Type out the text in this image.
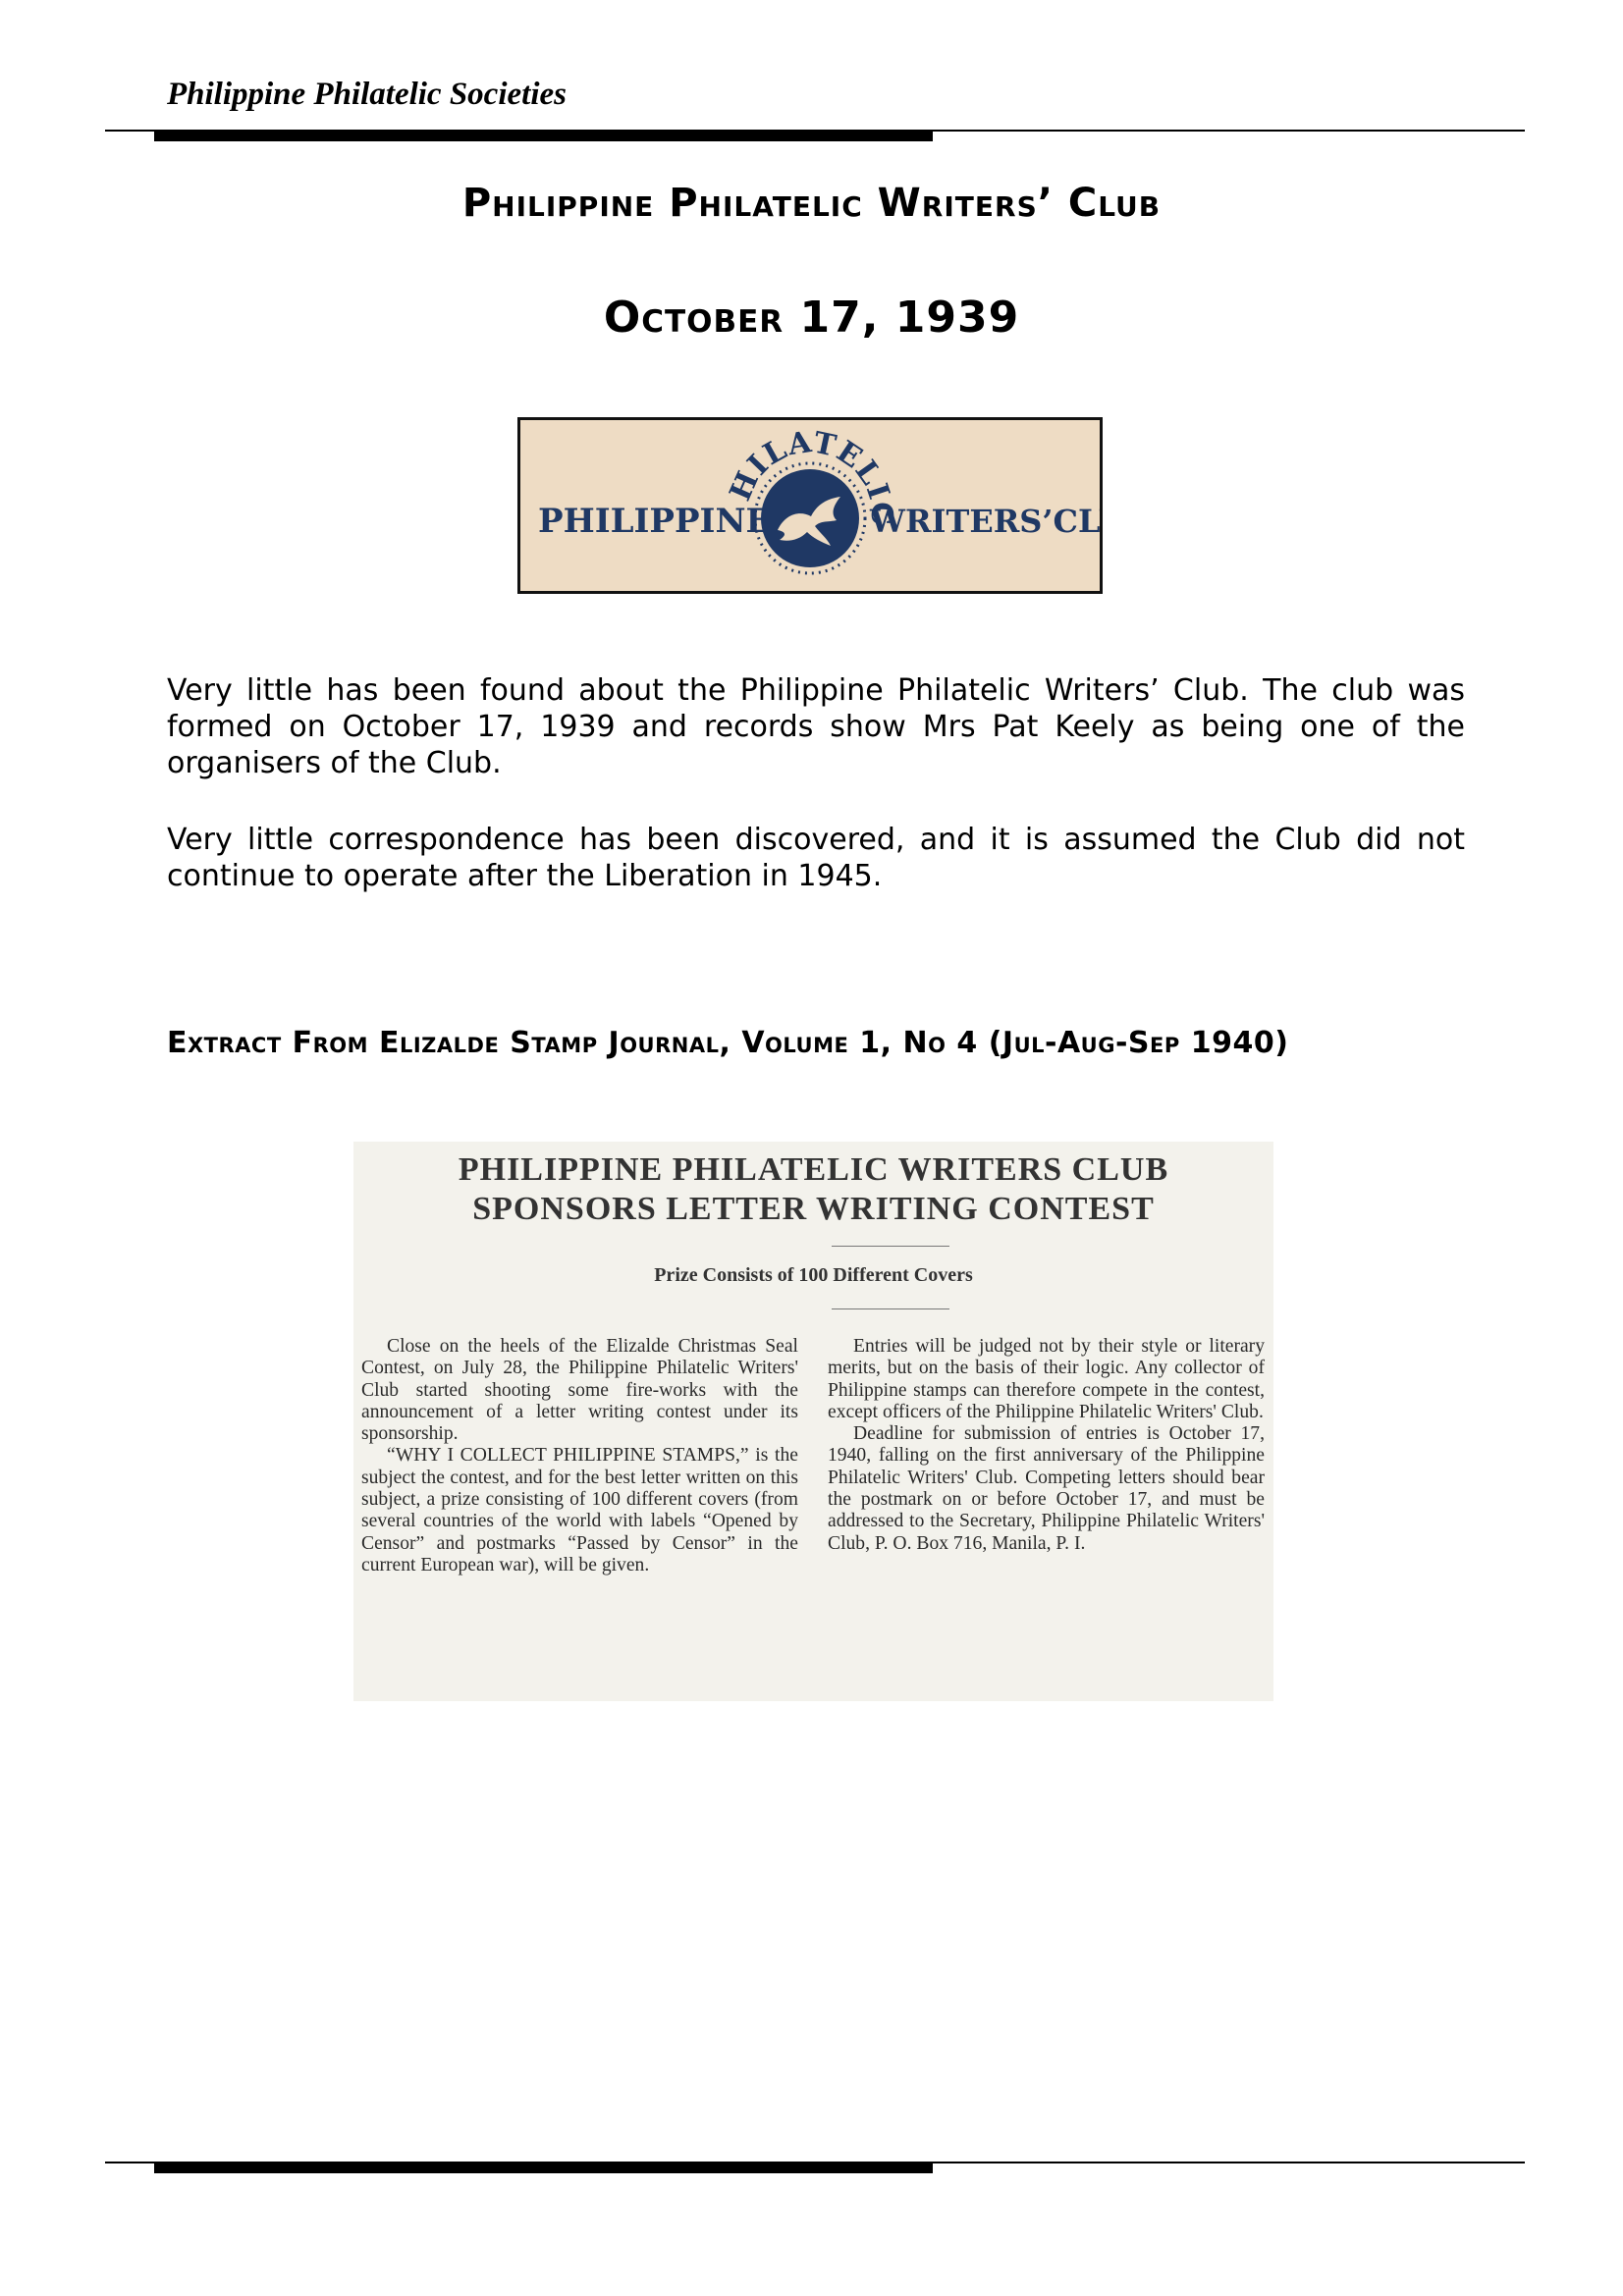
Philippine Philatelic Societies
Philippine Philatelic Writers’ Club
October 17, 1939
HILATELIC
PHILIPPINE	WRITERS’CL
Very little has been found about the Philippine Philatelic Writers’ Club. The club was formed on October 17, 1939 and records show Mrs Pat Keely as being one of the organisers of the Club.
Very little correspondence has been discovered, and it is assumed the Club did not continue to operate after the Liberation in 1945.
Extract From Elizalde Stamp Journal, Volume 1, No 4 (Jul-Aug-Sep 1940)
PHILIPPINE PHILATELIC WRITERS CLUB
SPONSORS LETTER WRITING CONTEST
Prize Consists of 100 Different Covers

Close on the heels of the Elizalde Christmas Seal Contest, on July 28, the Philippine Philatelic Writers' Club started shooting some fire-works with the announcement of a letter writing contest under its sponsorship.

“WHY I COLLECT PHILIPPINE STAMPS,” is the subject the contest, and for the best letter written on this subject, a prize consisting of 100 different covers (from several countries of the world with labels “Opened by Censor” and postmarks “Passed by Censor” in the current European war), will be given.

Entries will be judged not by their style or literary merits, but on the basis of their logic. Any collector of Philippine stamps can therefore compete in the contest, except officers of the Philippine Philatelic Writers' Club.

Deadline for submission of entries is October 17, 1940, falling on the first anniversary of the Philippine Philatelic Writers' Club. Competing letters should bear the postmark on or before October 17, and must be addressed to the Secretary, Philippine Philatelic Writers' Club, P. O. Box 716, Manila, P. I.
